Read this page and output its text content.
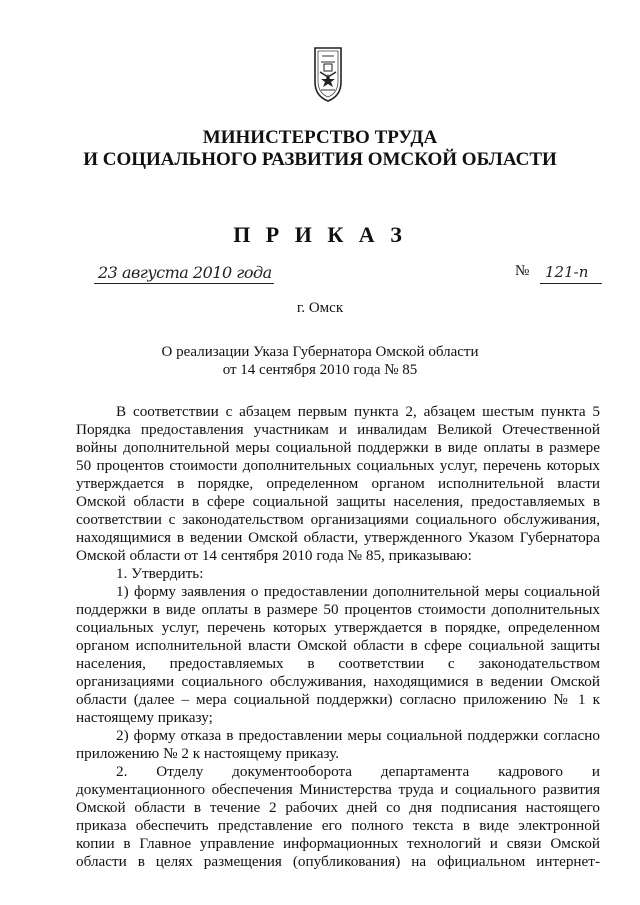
МИНИСТЕРСТВО ТРУДА
И СОЦИАЛЬНОГО РАЗВИТИЯ ОМСКОЙ ОБЛАСТИ
П Р И К А З
23 августа 2010 года	№ 121-п
г. Омск
О реализации Указа Губернатора Омской области
от 14 сентября 2010 года № 85
В соответствии с абзацем первым пункта 2, абзацем шестым пункта 5
Порядка предоставления участникам и инвалидам Великой Отечественной
войны дополнительной меры социальной поддержки в виде оплаты в размере
50 процентов стоимости дополнительных социальных услуг, перечень которых
утверждается в порядке, определенном органом исполнительной власти
Омской области в сфере социальной защиты населения, предоставляемых в
соответствии с законодательством организациями социального обслуживания,
находящимися в ведении Омской области, утвержденного Указом Губернатора
Омской области от 14 сентября 2010 года № 85, приказываю:
1. Утвердить:
1) форму заявления о предоставлении дополнительной меры социальной
поддержки в виде оплаты в размере 50 процентов стоимости дополнительных
социальных услуг, перечень которых утверждается в порядке, определенном
органом исполнительной власти Омской области в сфере социальной защиты
населения, предоставляемых в соответствии с законодательством
организациями социального обслуживания, находящимися в ведении Омской
области (далее – мера социальной поддержки) согласно приложению № 1 к
настоящему приказу;
2) форму отказа в предоставлении меры социальной поддержки согласно
приложению № 2 к настоящему приказу.
2. Отделу документооборота департамента кадрового и
документационного обеспечения Министерства труда и социального развития
Омской области в течение 2 рабочих дней со дня подписания настоящего
приказа обеспечить представление его полного текста в виде электронной
копии в Главное управление информационных технологий и связи Омской
области в целях размещения (опубликования) на официальном интернет-
